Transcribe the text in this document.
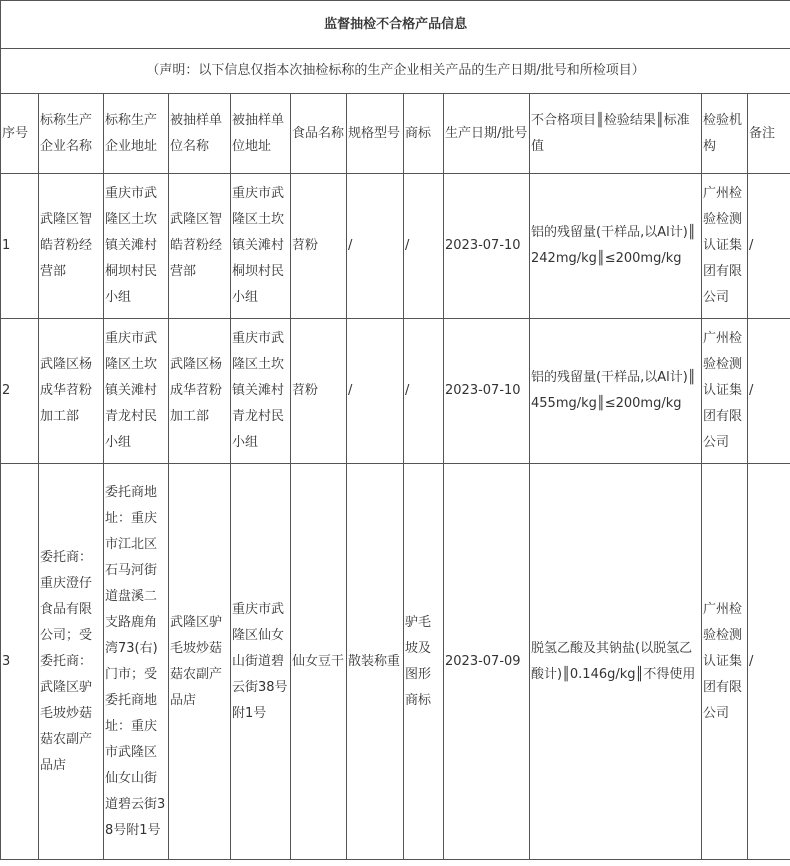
监督抽检不合格产品信息											
（声明：以下信息仅指本次抽检标称的生产企业相关产品的生产日期/批号和所检项目）											
序号	标称生产企业名称	标称生产企业地址	被抽样单位名称	被抽样单位地址	食品名称	规格型号	商标	生产日期/批号	不合格项目║检验结果║标准值	检验机构	备注
1	武隆区智皓苕粉经营部	重庆市武隆区土坎镇关滩村桐坝村民小组	武隆区智皓苕粉经营部	重庆市武隆区土坎镇关滩村桐坝村民小组	苕粉	/	/	2023-07-10	铝的残留量(干样品,以Al计)║242mg/kg║≤200mg/kg	广州检验检测认证集团有限公司	/
2	武隆区杨成华苕粉加工部	重庆市武隆区土坎镇关滩村青龙村民小组	武隆区杨成华苕粉加工部	重庆市武隆区土坎镇关滩村青龙村民小组	苕粉	/	/	2023-07-10	铝的残留量(干样品,以Al计)║455mg/kg║≤200mg/kg	广州检验检测认证集团有限公司	/
3	委托商：重庆澄仔食品有限公司；受委托商：武隆区驴毛坡炒菇菇农副产品店	委托商地址：重庆市江北区石马河街道盘溪二支路鹿角湾73(右)门市；受委托商地址：重庆市武隆区仙女山街道碧云街38号附1号	武隆区驴毛坡炒菇菇农副产品店	重庆市武隆区仙女山街道碧云街38号附1号	仙女豆干	散装称重	驴毛坡及图形商标	2023-07-09	脱氢乙酸及其钠盐(以脱氢乙酸计)║0.146g/kg║不得使用	广州检验检测认证集团有限公司	/
